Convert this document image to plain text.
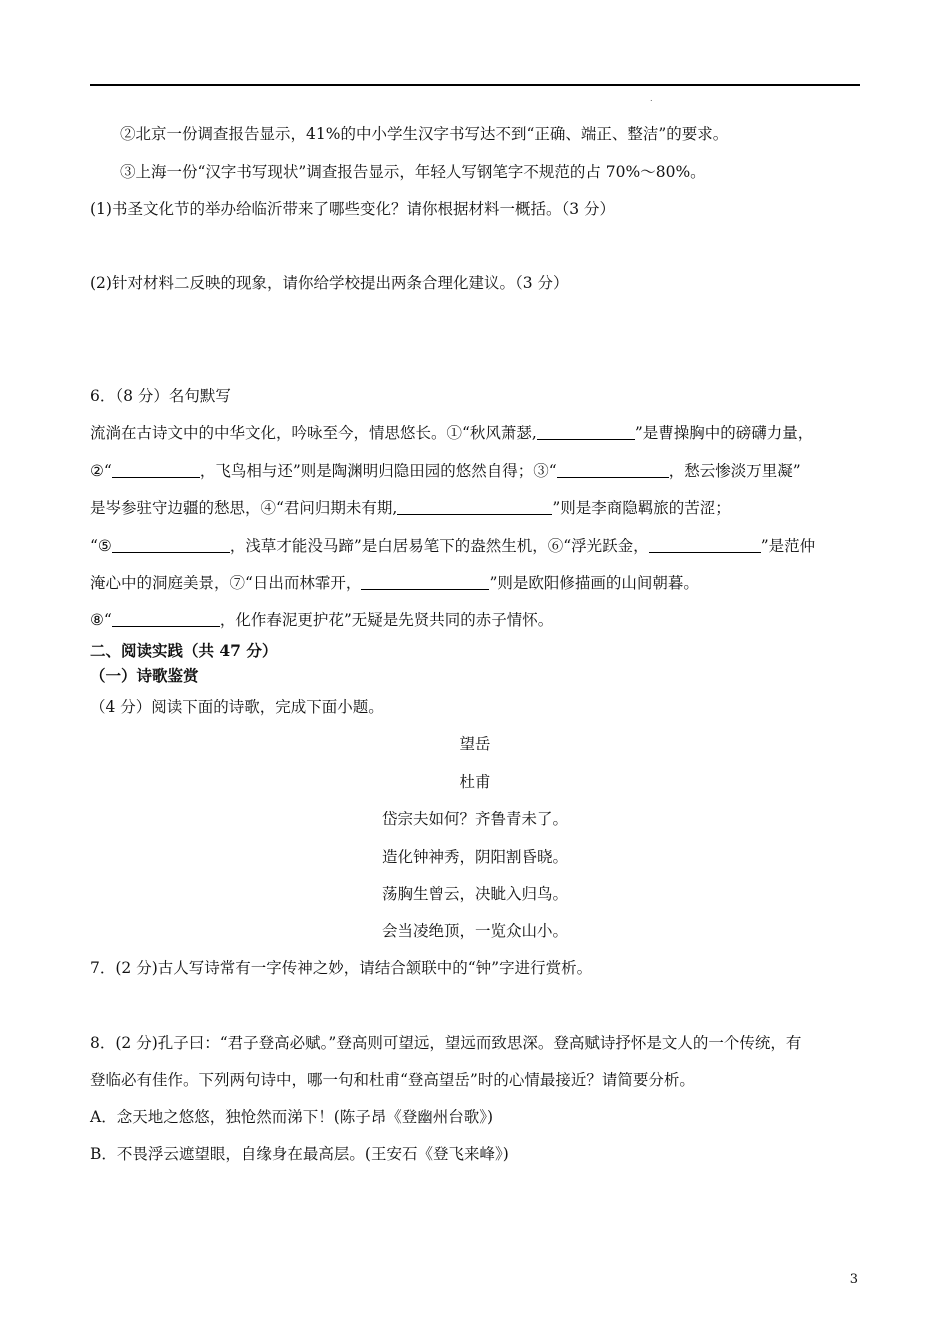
.
②北京一份调查报告显示，41%的中小学生汉字书写达不到“正确、端正、整洁”的要求。
③上海一份“汉字书写现状”调查报告显示，年轻人写钢笔字不规范的占 70%～80%。
(1)书圣文化节的举办给临沂带来了哪些变化？请你根据材料一概括。（3 分）
(2)针对材料二反映的现象，请你给学校提出两条合理化建议。（3 分）
6．（8 分）名句默写
流淌在古诗文中的中华文化，吟咏至今，情思悠长。①“秋风萧瑟,	”是曹操胸中的磅礴力量，
②“	，飞鸟相与还”则是陶渊明归隐田园的悠然自得；③“	，愁云惨淡万里凝”
是岑参驻守边疆的愁思，④“君问归期未有期,	”则是李商隐羁旅的苦涩；
“⑤	，浅草才能没马蹄”是白居易笔下的盎然生机，⑥“浮光跃金，	”是范仲
淹心中的洞庭美景，⑦“日出而林霏开，	”则是欧阳修描画的山间朝暮。
⑧“	，化作春泥更护花”无疑是先贤共同的赤子情怀。
二、阅读实践（共 47 分）
（一）诗歌鉴赏
（4 分）阅读下面的诗歌，完成下面小题。
望岳
杜甫
岱宗夫如何？齐鲁青未了。
造化钟神秀，阴阳割昏晓。
荡胸生曾云，决眦入归鸟。
会当凌绝顶，一览众山小。
7．(2 分)古人写诗常有一字传神之妙，请结合颔联中的“钟”字进行赏析。
8．(2 分)孔子曰：“君子登高必赋。”登高则可望远，望远而致思深。登高赋诗抒怀是文人的一个传统，有
登临必有佳作。下列两句诗中，哪一句和杜甫“登高望岳”时的心情最接近？请简要分析。
A．念天地之悠悠，独怆然而涕下！(陈子昂《登幽州台歌》)
B．不畏浮云遮望眼，自缘身在最高层。(王安石《登飞来峰》)
3
